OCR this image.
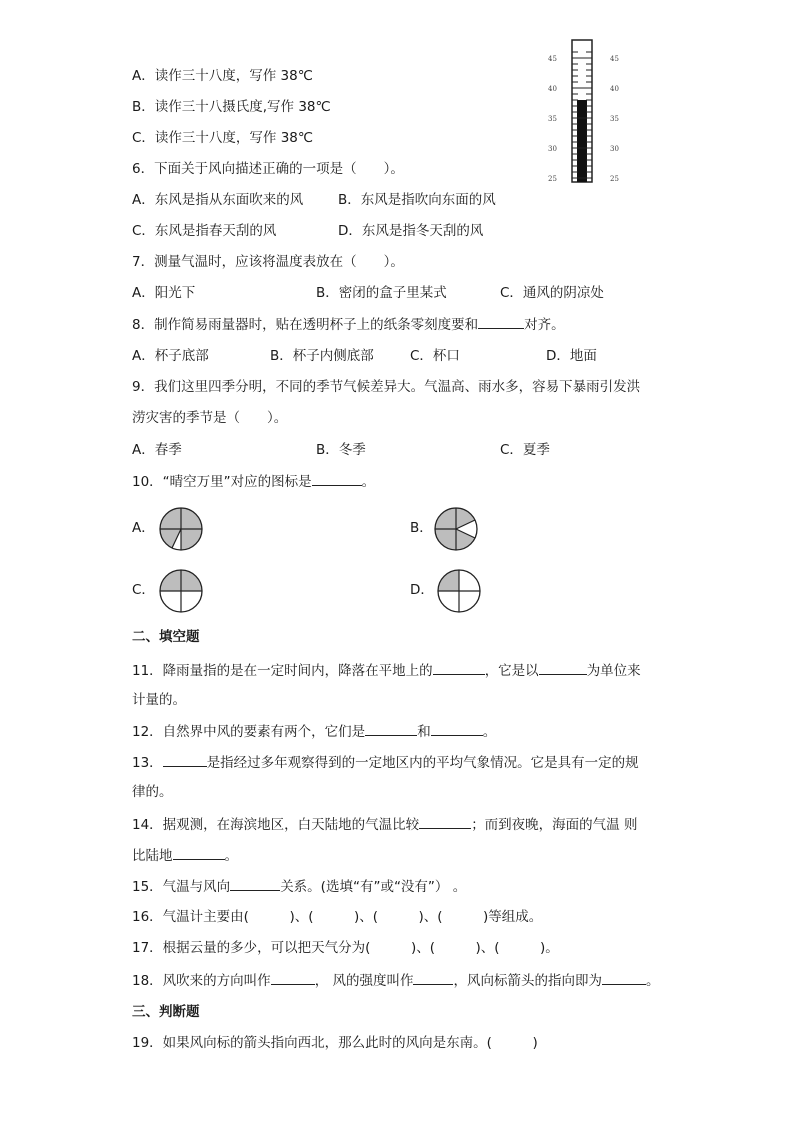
A．读作三十八度，写作 38℃
B．读作三十八摄氏度,写作 38℃
C．读作三十八度，写作 38℃
45
40
35
30
25
45
40
35
30
25
6．下面关于风向描述正确的一项是（　　）。
A．东风是指从东面吹来的风	B．东风是指吹向东面的风
C．东风是指春天刮的风	D．东风是指冬天刮的风
7．测量气温时，应该将温度表放在（　　）。
A．阳光下	B．密闭的盒子里某式	C．通风的阴凉处
8．制作简易雨量器时，贴在透明杯子上的纸条零刻度要和	对齐。
A．杯子底部	B．杯子内侧底部	C．杯口	D．地面
9．我们这里四季分明，不同的季节气候差异大。气温高、雨水多，容易下暴雨引发洪
涝灾害的季节是（　　）。
A．春季	B．冬季	C．夏季
10．“晴空万里”对应的图标是	。
A．	B．
C．	D．
二、填空题
11．降雨量指的是在一定时间内，降落在平地上的	，它是以	为单位来
计量的。
12．自然界中风的要素有两个，它们是	和	。
13．	是指经过多年观察得到的一定地区内的平均气象情况。它是具有一定的规
律的。
14．据观测，在海滨地区，白天陆地的气温比较	；而到夜晚，海面的气温 则
比陆地	。
15．气温与风向	关系。(选填“有”或“没有”） 。
16．气温计主要由(　　　)、(　　　)、(　　　)、(　　　)等组成。
17．根据云量的多少，可以把天气分为(　　　)、(　　　)、(　　　)。
18．风吹来的方向叫作	， 风的强度叫作	，风向标箭头的指向即为	。
三、判断题
19．如果风向标的箭头指向西北，那么此时的风向是东南。(　　　)
